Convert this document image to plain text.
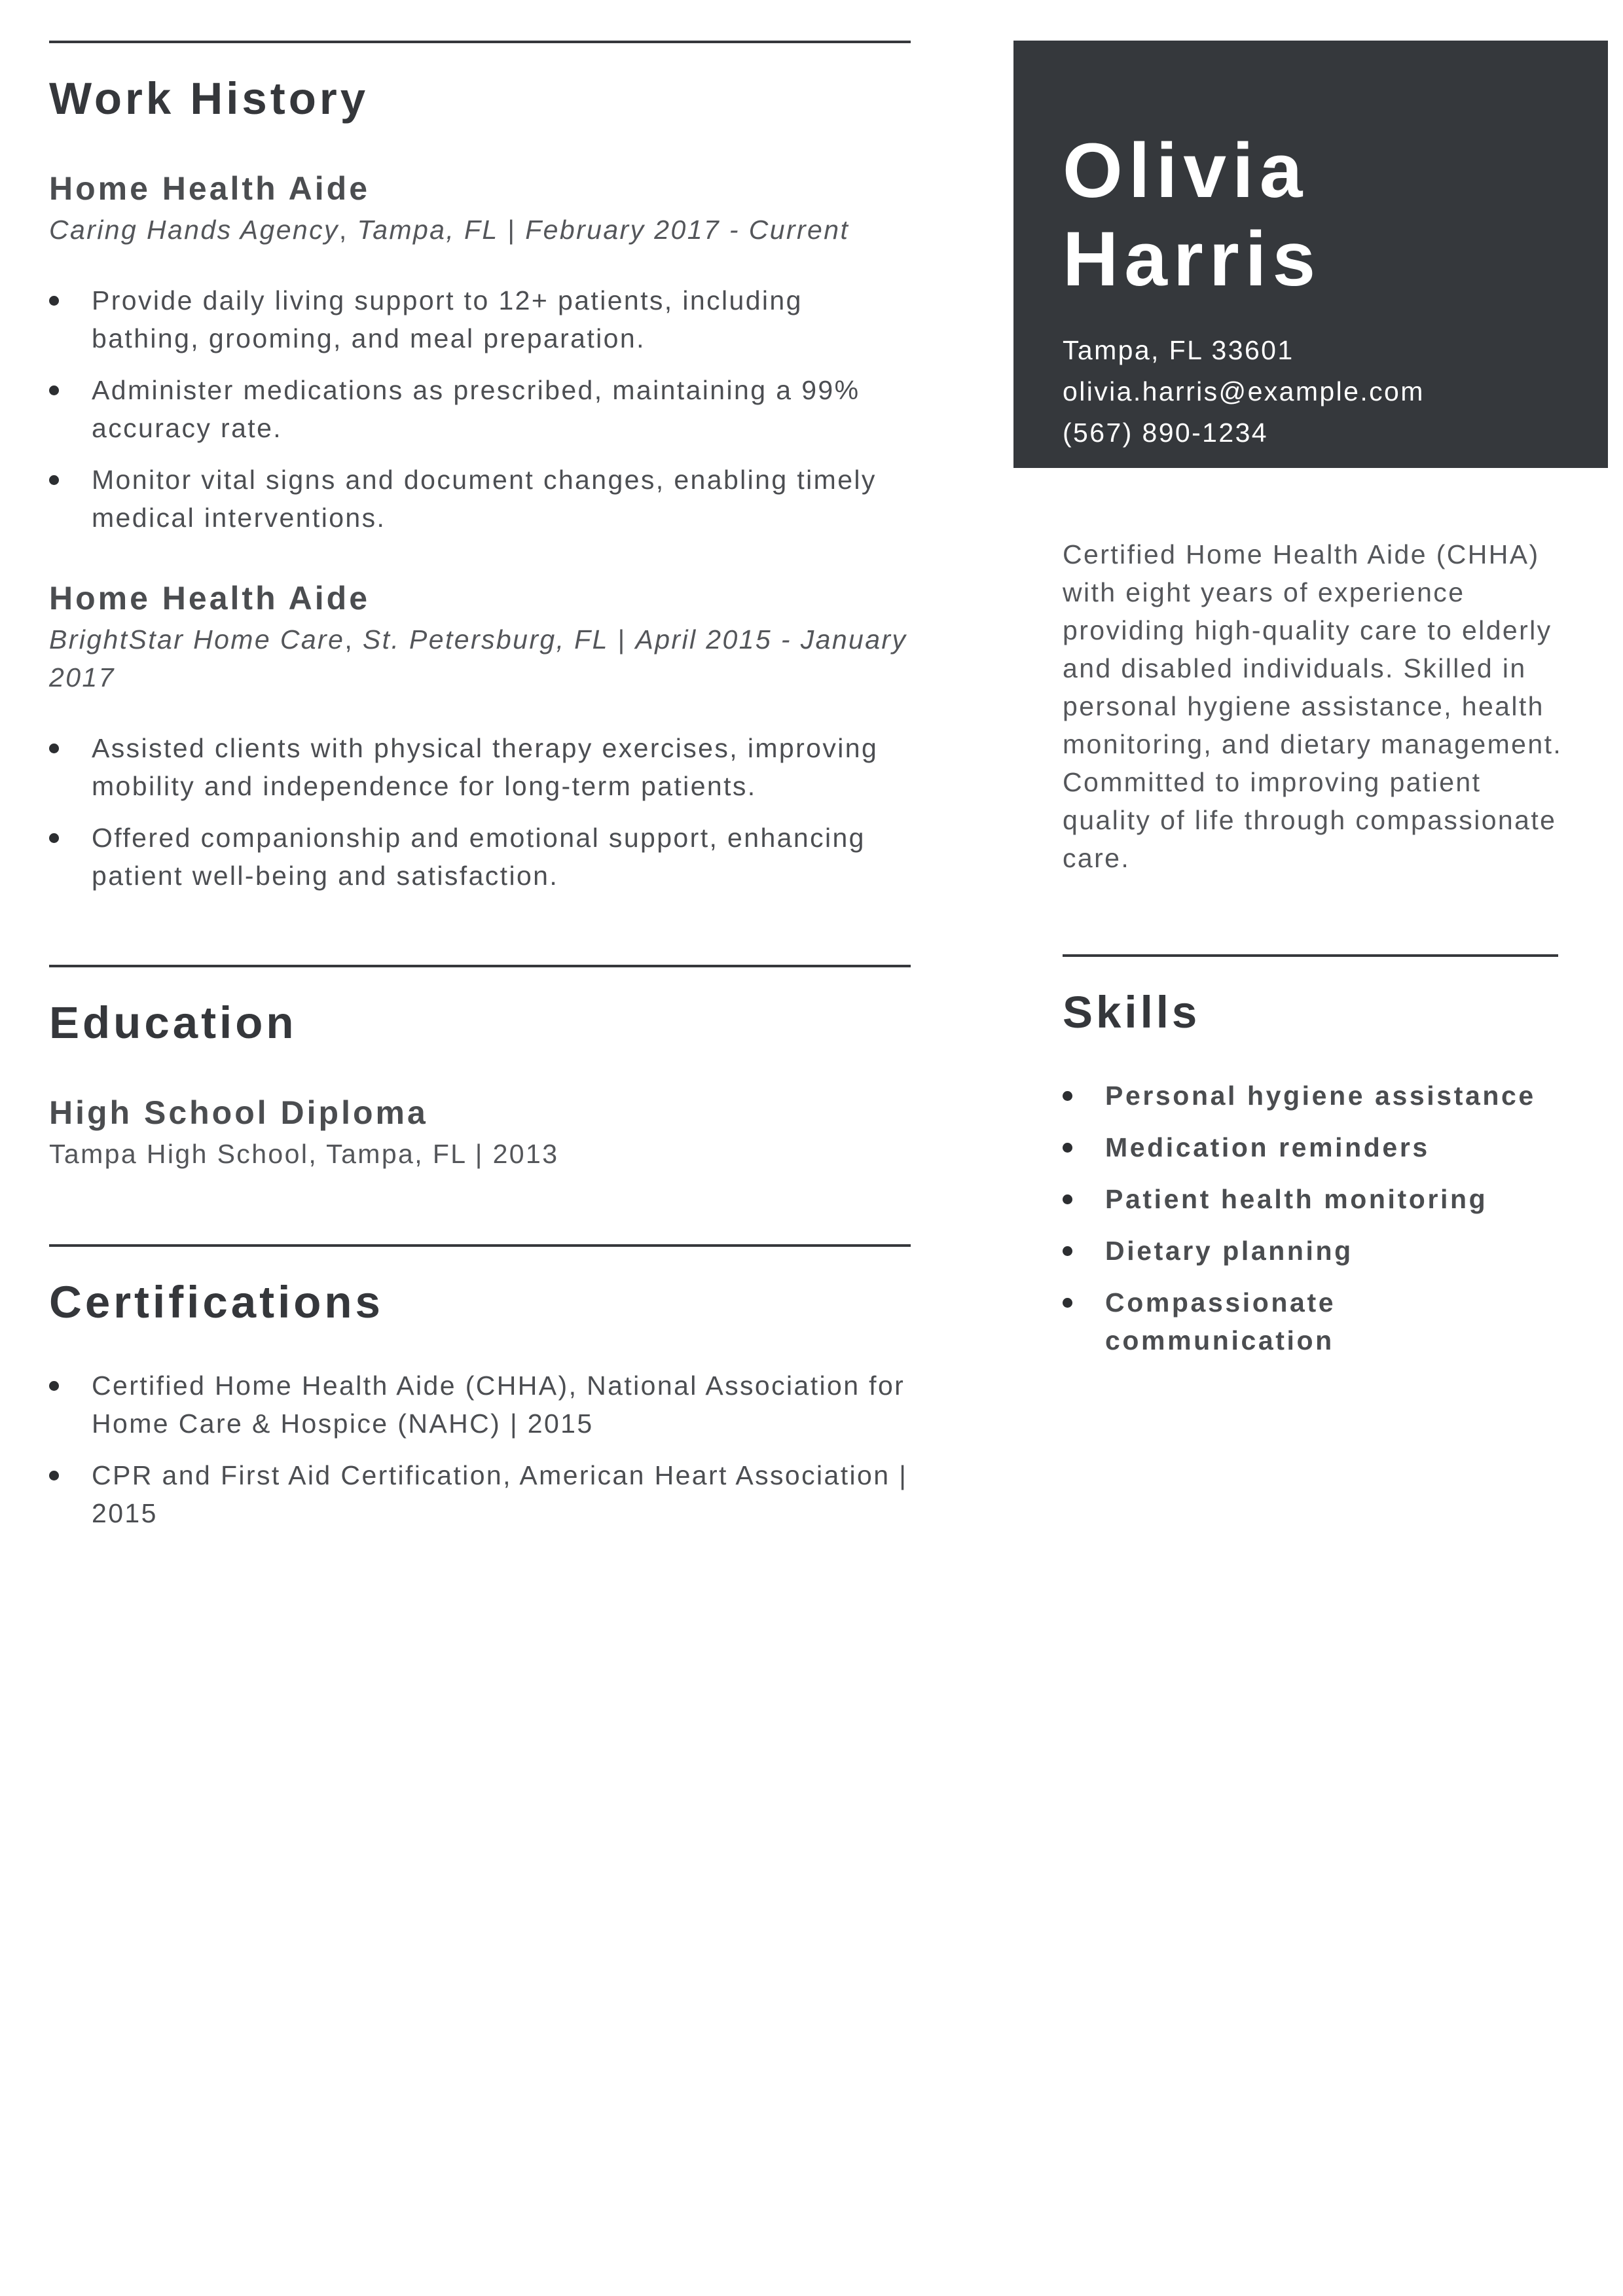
Work History
Home Health Aide

Caring Hands Agency, Tampa, FL | February 2017 - Current

Provide daily living support to 12+ patients, including bathing, grooming, and meal preparation.
Administer medications as prescribed, maintaining a 99% accuracy rate.
Monitor vital signs and document changes, enabling timely medical interventions.
Home Health Aide

BrightStar Home Care, St. Petersburg, FL | April 2015 - January 2017

Assisted clients with physical therapy exercises, improving mobility and independence for long-term patients.
Offered companionship and emotional support, enhancing patient well-being and satisfaction.
Education
High School Diploma

Tampa High School, Tampa, FL | 2013

Certifications
Certified Home Health Aide (CHHA), National Association for Home Care & Hospice (NAHC) | 2015
CPR and First Aid Certification, American Heart Association | 2015
Olivia
Harris
Tampa, FL 33601
olivia.harris@example.com
(567) 890-1234

Certified Home Health Aide (CHHA) with eight years of experience providing high-quality care to elderly and disabled individuals. Skilled in personal hygiene assistance, health monitoring, and dietary management. Committed to improving patient quality of life through compassionate care.

Skills
Personal hygiene assistance
Medication reminders
Patient health monitoring
Dietary planning
Compassionate communication
